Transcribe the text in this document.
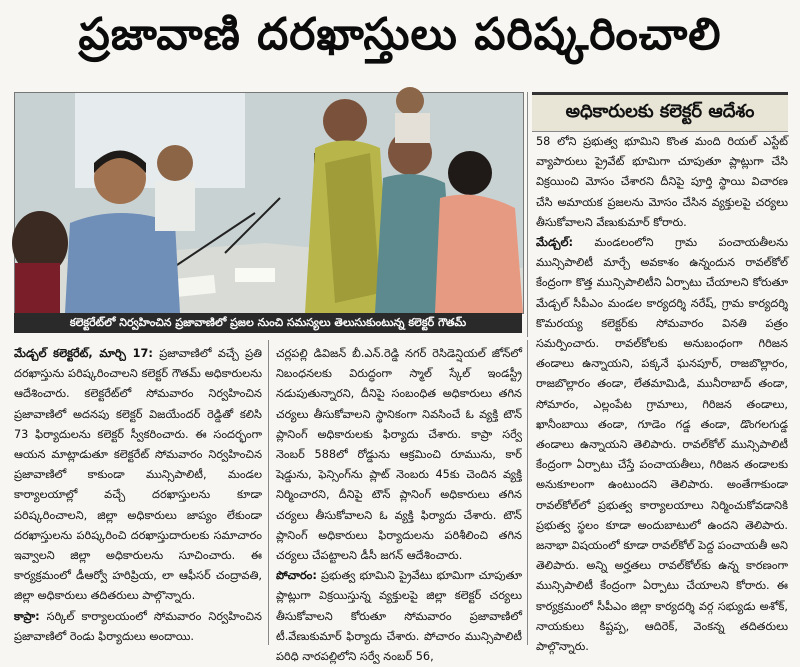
ప్రజావాణి దరఖాస్తులు పరిష్కరించాలి
కలెక్టరేట్‌లో నిర్వహించిన ప్రజావాణిలో ప్రజల నుంచి సమస్యలు తెలుసుకుంటున్న కలెక్టర్ గౌతమ్
అధికారులకు కలెక్టర్ ఆదేశం

58 లోని ప్రభుత్వ భూమిని కొంత మంది రియల్ ఎస్టేట్ వ్యాపారులు ప్రైవేట్ భూమిగా చూపుతూ ప్లాట్లుగా చేసి విక్రయించి మోసం చేశారని దీనిపై పూర్తి స్థాయి విచారణ చేసి అమాయక ప్రజలను మోసం చేసిన వ్యక్తులపై చర్యలు తీసుకోవాలని వేణుకుమార్ కోరారు.

మేడ్చల్: మండలంలోని గ్రామ పంచాయతీలను మున్సిపాలిటీ మార్చే అవకాశం ఉన్నందున రావల్‌కోల్ కేంద్రంగా కొత్త మున్సిపాలిటీని ఏర్పాటు చేయాలని కోరుతూ మేడ్చల్ సీపీఎం మండల కార్యదర్శి నరేష్, గ్రామ కార్యదర్శి కొమరయ్య కలెక్టర్‌కు సోమవారం వినతి పత్రం సమర్పించారు. రావల్‌కోలకు అనుబంధంగా గిరిజన తండాలు ఉన్నాయని, పక్కనే ఘనపూర్, రాజబొల్లారం, రాజబొల్లారం తండా, లేతమామిడి, మునీరాబాద్ తండా, సోమారం, ఎల్లంపేట గ్రామాలు, గిరిజన తండాలు, ఖానీంబాయి తండా, గూడెం గడ్డ తండా, డొంగలగుడ్డ తండాలు ఉన్నాయని తెలిపారు. రావల్‌కోల్ మున్సిపాలిటీ కేంద్రంగా ఏర్పాటు చేస్తే పంచాయతీలు, గిరిజన తండాలకు అనుకూలంగా ఉంటుందని తెలిపారు. అంతేగాకుండా రావల్‌కోల్‌లో ప్రభుత్వ కార్యాలయాలు నిర్మించుకోవడానికి ప్రభుత్వ స్థలం కూడా అందుబాటులో ఉందని తెలిపారు. జనాభా విషయంలో కూడా రావల్‌కోల్ పెద్ద పంచాయతీ అని తెలిపారు. అన్ని అర్హతలు రావల్‌కోల్‌కు ఉన్న కారణంగా మున్సిపాలిటీ కేంద్రంగా ఏర్పాటు చేయాలని కోరారు. ఈ కార్యక్రమంలో సీపీఎం జిల్లా కార్యదర్శి వర్గ సభ్యుడు అశోక్, నాయకులు కిష్టప్ప, ఆదిరెక్, వెంకన్న తదితరులు పాల్గొన్నారు.

మేడ్చల్ కలెక్టరేట్, మార్చి 17: ప్రజావాణిలో వచ్చే ప్రతి దరఖాస్తును పరిష్కరించాలని కలెక్టర్ గౌతమ్ అధికారులను ఆదేశించారు. కలెక్టరేట్‌లో సోమవారం నిర్వహించిన ప్రజావాణిలో అదనపు కలెక్టర్ విజయేందర్ రెడ్డితో కలిసి 73 ఫిర్యాదులను కలెక్టర్ స్వీకరించారు. ఈ సందర్భంగా ఆయన మాట్లాడుతూ కలెక్టరేట్ సోమవారం నిర్వహించిన ప్రజావాణిలో కాకుండా మున్సిపాలిటీ, మండల కార్యాలయాల్లో వచ్చే దరఖాస్తులను కూడా పరిష్కరించాలని, జిల్లా అధికారులు జాప్యం లేకుండా దరఖాస్తులను పరిష్కరించి దరఖాస్తుదారులకు సమాచారం ఇవ్వాలని జిల్లా అధికారులను సూచించారు. ఈ కార్యక్రమంలో డీఆర్వో హరిప్రియ, లా ఆఫీసర్ చంద్రావతి, జిల్లా అధికారులు తదితరులు పాల్గొన్నారు.

కాప్రా: సర్కిల్ కార్యాలయంలో సోమవారం నిర్వహించిన ప్రజావాణిలో రెండు ఫిర్యాదులు అందాయి.

చర్లపల్లి డివిజన్ బీ.ఎన్.రెడ్డి నగర్ రెసిడెన్షియల్ జోన్‌లో నిబంధనలకు విరుద్ధంగా స్మాల్ స్కేల్ ఇండస్ట్రీ నడుపుతున్నారని, దీనిపై సంబంధిత అధికారులు తగిన చర్యలు తీసుకోవాలని స్థానికంగా నివసించే ఓ వ్యక్తి టౌన్ ప్లానింగ్ అధికారులకు ఫిర్యాదు చేశారు. కాప్రా సర్వే నెంబర్ 588లో రోడ్డును ఆక్రమించి రూమును, కార్ షెడ్డును, ఫెన్సింగ్‌ను ప్లాట్ నెంబరు 45కు చెందిన వ్యక్తి నిర్మించారని, దీనిపై టౌన్ ప్లానింగ్ అధికారులు తగిన చర్యలు తీసుకోవాలని ఓ వ్యక్తి ఫిర్యాదు చేశారు. టౌన్ ప్లానింగ్ అధికారులు ఫిర్యాదులను పరిశీలించి తగిన చర్యలు చేపట్టాలని డీసీ జగన్ ఆదేశించారు.

పోచారం: ప్రభుత్వ భూమిని ప్రైవేటు భూమిగా చూపుతూ ప్లాట్లుగా విక్రయిస్తున్న వ్యక్తులపై జిల్లా కలెక్టర్ చర్యలు తీసుకోవాలని కోరుతూ సోమవారం ప్రజావాణిలో టీ.వేణుకుమార్ ఫిర్యాదు చేశారు. పోచారం మున్సిపాలిటీ పరిధి నారపల్లిలోని సర్వే నంబర్ 56,
